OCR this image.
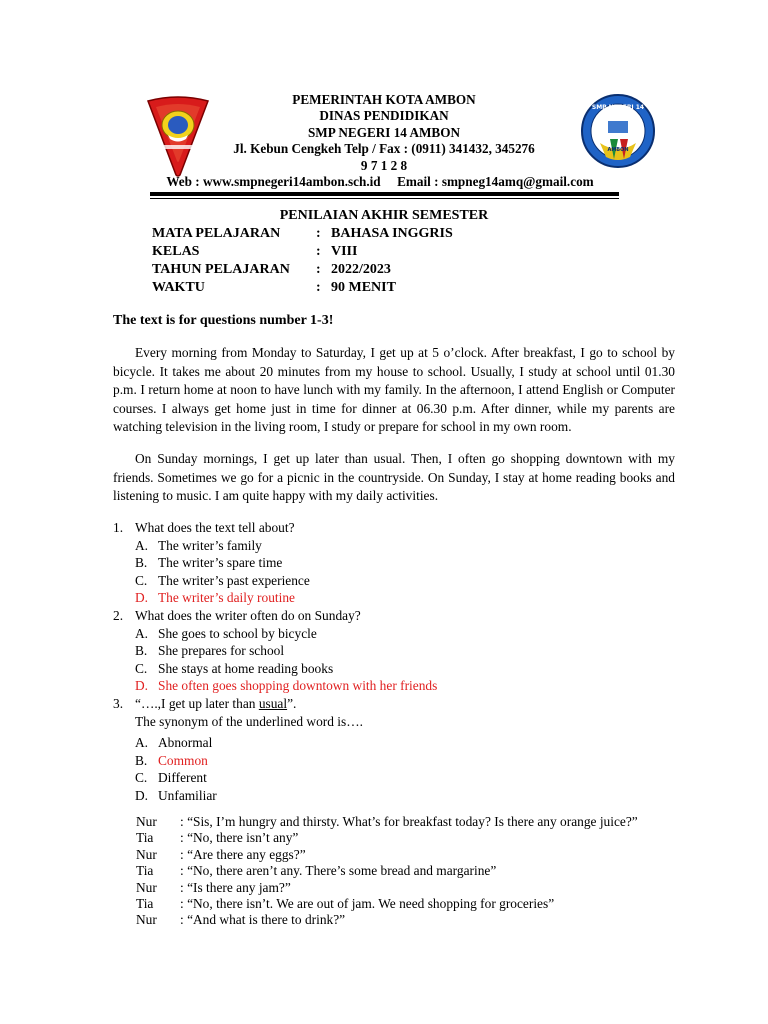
SMP NEGERI 14
AMBON
PEMERINTAH KOTA AMBON
DINAS PENDIDIKAN
SMP NEGERI 14 AMBON
Jl. Kebun Cengkeh Telp / Fax : (0911) 341432, 345276
9 7 1 2 8
Web : www.smpnegeri14ambon.sch.id     Email : smpneg14amq@gmail.com
PENILAIAN AKHIR SEMESTER
MATA PELAJARAN	: BAHASA INGGRIS
KELAS	: VIII
TAHUN PELAJARAN	: 2022/2023
WAKTU	: 90 MENIT
The text is for questions number 1-3!
Every morning from Monday to Saturday, I get up at 5 o’clock. After breakfast, I go to school by bicycle. It takes me about 20 minutes from my house to school. Usually, I study at school until 01.30 p.m. I return home at noon to have lunch with my family. In the afternoon, I attend English or Computer courses. I always get home just in time for dinner at 06.30 p.m. After dinner, while my parents are watching television in the living room, I study or prepare for school in my own room.
On Sunday mornings, I get up later than usual. Then, I often go shopping downtown with my friends. Sometimes we go for a picnic in the countryside. On Sunday, I stay at home reading books and listening to music. I am quite happy with my daily activities.
1. What does the text tell about?
A. The writer’s family
B. The writer’s spare time
C. The writer’s past experience
D. The writer’s daily routine
2. What does the writer often do on Sunday?
A. She goes to school by bicycle
B. She prepares for school
C. She stays at home reading books
D. She often goes shopping downtown with her friends
3. “….,I get up later than usual”.
The synonym of the underlined word is….
A. Abnormal
B. Common
C. Different
D. Unfamiliar
Nur	: “Sis, I’m hungry and thirsty. What’s for breakfast today? Is there any orange juice?”
Tia	: “No, there isn’t any”
Nur	: “Are there any eggs?”
Tia	: “No, there aren’t any. There’s some bread and margarine”
Nur	: “Is there any jam?”
Tia	: “No, there isn’t. We are out of jam. We need shopping for groceries”
Nur	: “And what is there to drink?”
